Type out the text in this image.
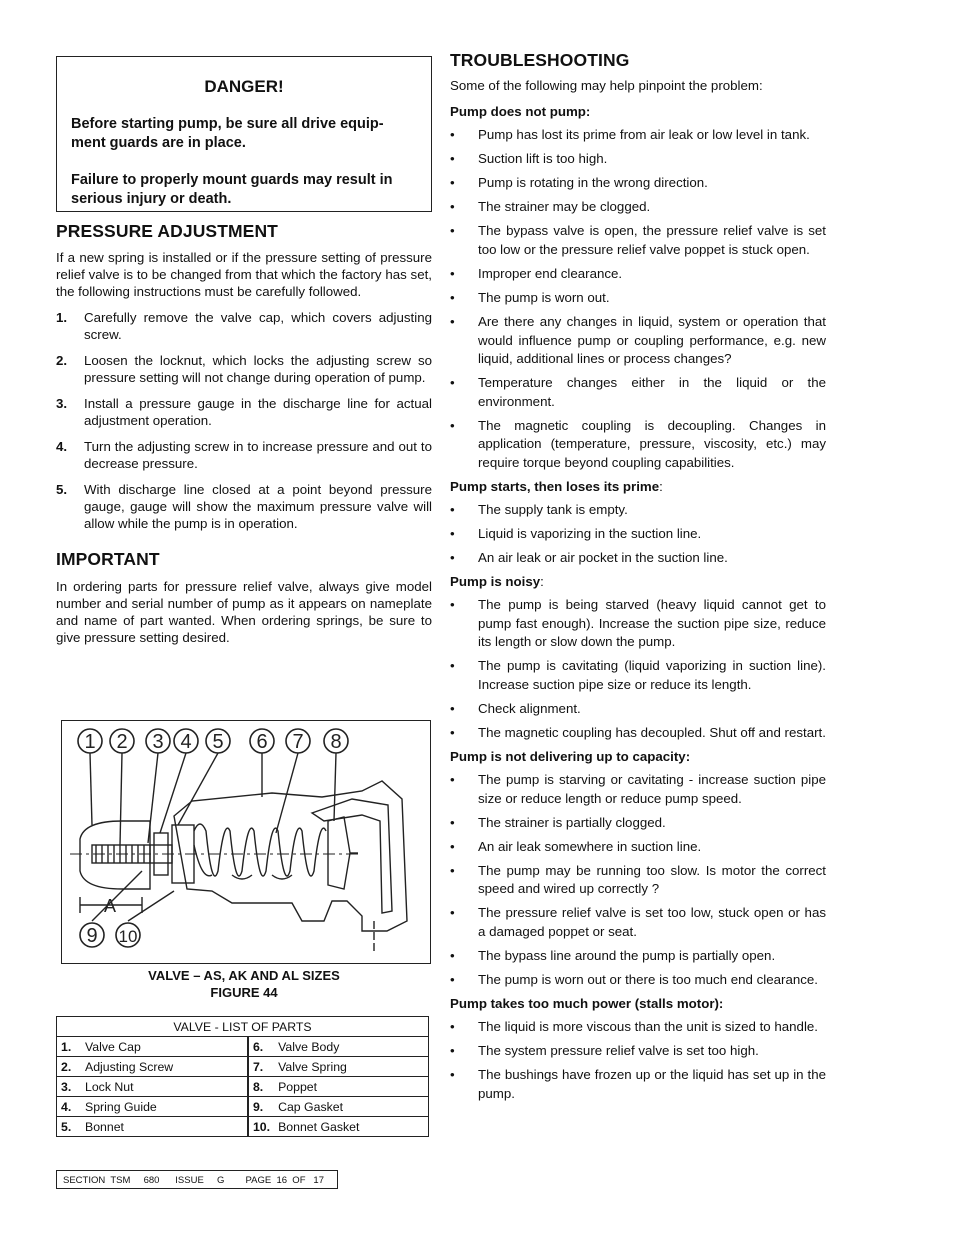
DANGER!

Before starting pump, be sure all drive equip-ment guards are in place.

Failure to properly mount guards may result in serious injury or death.

PRESSURE ADJUSTMENT

If a new spring is installed or if the pressure setting of pressure relief valve is to be changed from that which the factory has set, the following instructions must be carefully followed.

1.	Carefully remove the valve cap, which covers adjusting screw.
2.	Loosen the locknut, which locks the adjusting screw so pressure setting will not change during operation of pump.
3.	Install a pressure gauge in the discharge line for actual adjustment operation.
4.	Turn the adjusting screw in to increase pressure and out to decrease pressure.
5.	With discharge line closed at a point beyond pressure gauge, gauge will show the maximum pressure valve will allow while the pump is in operation.
IMPORTANT

In ordering parts for pressure relief valve, always give model number and serial number of pump as it appears on nameplate and name of part wanted. When ordering springs, be sure to give pressure setting desired.

1 2 3 4 5 6 7 8
9 10
A
VALVE – AS, AK AND AL SIZES
FIGURE 44
VALVE - LIST OF PARTS			
1.	Valve Cap	6.	Valve Body
2.	Adjusting Screw	7.	Valve Spring
3.	Lock Nut	8.	Poppet
4.	Spring Guide	9.	Cap Gasket
5.	Bonnet	10.	Bonnet Gasket
SECTION  TSM     680      ISSUE     G        PAGE  16  OF   17
TROUBLESHOOTING

Some of the following may help pinpoint the problem:

Pump does not pump:
•	Pump has lost its prime from air leak or low level in tank.
•	Suction lift is too high.
•	Pump is rotating in the wrong direction.
•	The strainer may be clogged.
•	The bypass valve is open, the pressure relief valve is set too low or the pressure relief valve poppet is stuck open.
•	Improper end clearance.
•	The pump is worn out.
•	Are there any changes in liquid, system or operation that would influence pump or coupling performance, e.g. new liquid, additional lines or process changes?
•	Temperature changes either in the liquid or the environment.
•	The magnetic coupling is decoupling. Changes in application (temperature, pressure, viscosity, etc.) may require torque beyond coupling capabilities.
Pump starts, then loses its prime:
•	The supply tank is empty.
•	Liquid is vaporizing in the suction line.
•	An air leak or air pocket in the suction line.
Pump is noisy:
•	The pump is being starved (heavy liquid cannot get to pump fast enough). Increase the suction pipe size, reduce its length or slow down the pump.
•	The pump is cavitating (liquid vaporizing in suction line). Increase suction pipe size or reduce its length.
•	Check alignment.
•	The magnetic coupling has decoupled. Shut off and restart.
Pump is not delivering up to capacity:
•	The pump is starving or cavitating - increase suction pipe size or reduce length or reduce pump speed.
•	The strainer is partially clogged.
•	An air leak somewhere in suction line.
•	The pump may be running too slow. Is motor the correct speed and wired up correctly ?
•	The pressure relief valve is set too low, stuck open or has a damaged poppet or seat.
•	The bypass line around the pump is partially open.
•	The pump is worn out or there is too much end clearance.
Pump takes too much power (stalls motor):
•	The liquid is more viscous than the unit is sized to handle.
•	The system pressure relief valve is set too high.
•	The bushings have frozen up or the liquid has set up in the pump.
